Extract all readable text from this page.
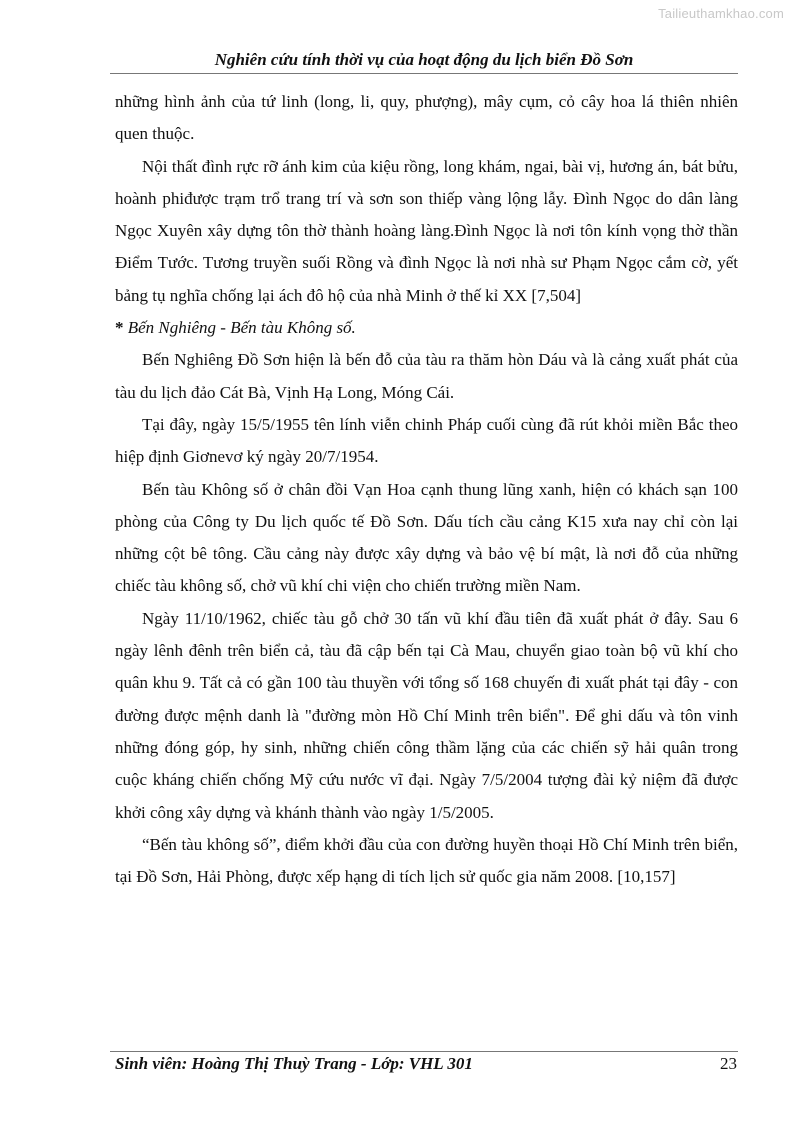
Tailieuthamkhao.com
Nghiên cứu tính thời vụ của hoạt động du lịch biển Đồ Sơn

những hình ảnh của tứ linh (long, li, quy, phượng), mây cụm, cỏ cây hoa lá thiên nhiên quen thuộc.

Nội thất đình rực rỡ ánh kim của kiệu rồng, long khám, ngai, bài vị, hương án, bát bửu, hoành phiđược trạm trổ trang trí và sơn son thiếp vàng lộng lẫy. Đình Ngọc do dân làng Ngọc Xuyên xây dựng tôn thờ thành hoàng làng.Đình Ngọc là nơi tôn kính vọng thờ thần Điểm Tước. Tương truyền suối Rồng và đình Ngọc là nơi nhà sư Phạm Ngọc cắm cờ, yết bảng tụ nghĩa chống lại ách đô hộ của nhà Minh ở thế kỉ XX [7,504]

* Bến Nghiêng - Bến tàu Không số.

Bến Nghiêng Đồ Sơn hiện là bến đỗ của tàu ra thăm hòn Dáu và là cảng xuất phát của tàu du lịch đảo Cát Bà, Vịnh Hạ Long, Móng Cái.

Tại đây, ngày 15/5/1955 tên lính viễn chinh Pháp cuối cùng đã rút khỏi miền Bắc theo hiệp định Giơnevơ ký ngày 20/7/1954.

Bến tàu Không số ở chân đồi Vạn Hoa cạnh thung lũng xanh, hiện có khách sạn 100 phòng của Công ty Du lịch quốc tế Đồ Sơn. Dấu tích cầu cảng K15 xưa nay chỉ còn lại những cột bê tông. Cầu cảng này được xây dựng và bảo vệ bí mật, là nơi đỗ của những chiếc tàu không số, chở vũ khí chi viện cho chiến trường miền Nam.

Ngày 11/10/1962, chiếc tàu gỗ chở 30 tấn vũ khí đầu tiên đã xuất phát ở đây. Sau 6 ngày lênh đênh trên biển cả, tàu đã cập bến tại Cà Mau, chuyển giao toàn bộ vũ khí cho quân khu 9. Tất cả có gần 100 tàu thuyền với tổng số 168 chuyến đi xuất phát tại đây - con đường được mệnh danh là "đường mòn Hồ Chí Minh trên biển". Để ghi dấu và tôn vinh những đóng góp, hy sinh, những chiến công thầm lặng của các chiến sỹ hải quân trong cuộc kháng chiến chống Mỹ cứu nước vĩ đại. Ngày 7/5/2004 tượng đài kỷ niệm đã được khởi công xây dựng và khánh thành vào ngày 1/5/2005.

“Bến tàu không số”, điểm khởi đầu của con đường huyền thoại Hồ Chí Minh trên biển, tại Đồ Sơn, Hải Phòng, được xếp hạng di tích lịch sử quốc gia năm 2008. [10,157]

Sinh viên: Hoàng Thị Thuỳ Trang - Lớp: VHL 301	23
